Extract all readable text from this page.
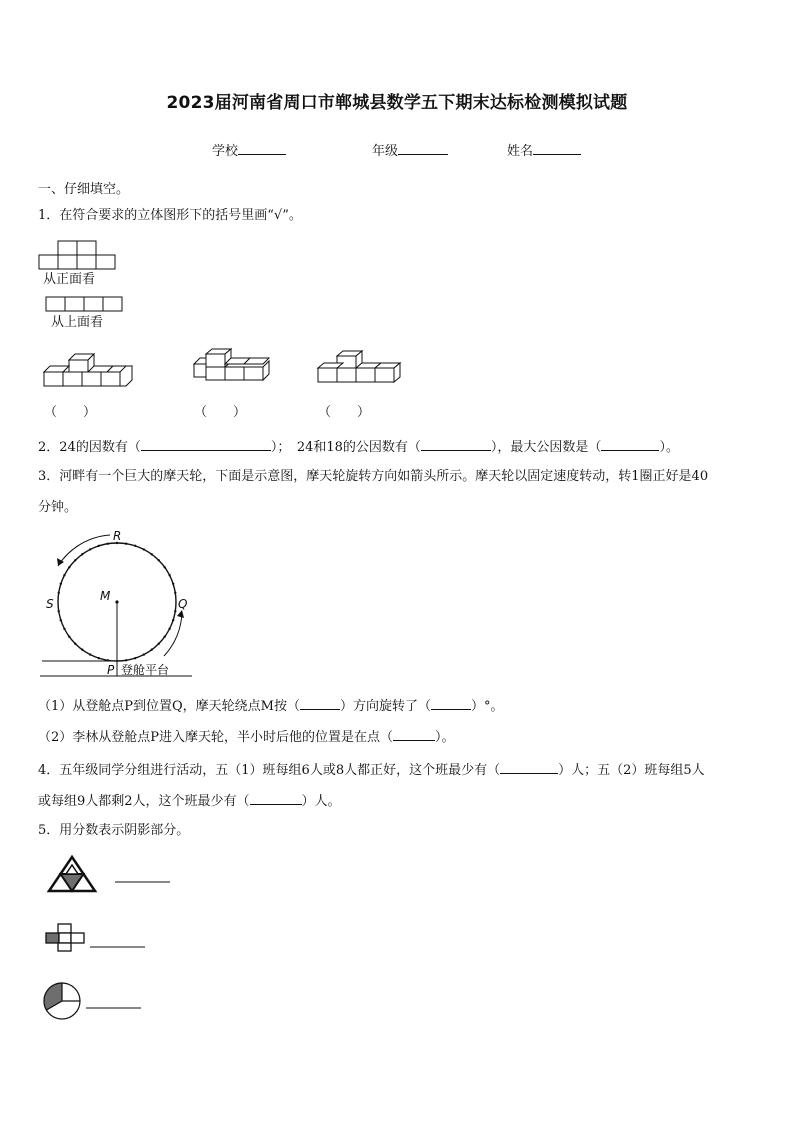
2023届河南省周口市郸城县数学五下期末达标检测模拟试题
学校	年级	姓名
一、仔细填空。
1．在符合要求的立体图形下的括号里画“√”。
从正面看
从上面看
（　　）	（　　）	（　　）
2．24的因数有（	）；　24和18的公因数有（	），最大公因数是（	）。
3．河畔有一个巨大的摩天轮，下面是示意图，摩天轮旋转方向如箭头所示。摩天轮以固定速度转动，转1圈正好是40
分钟。
R
S
M
Q
P 登舱平台
（1）从登舱点P到位置Q，摩天轮绕点M按（	）方向旋转了（	）°。
（2）李林从登舱点P进入摩天轮，半小时后他的位置是在点（	）。
4．五年级同学分组进行活动，五（1）班每组6人或8人都正好，这个班最少有（	）人；五（2）班每组5人
或每组9人都剩2人，这个班最少有（	）人。
5．用分数表示阴影部分。
